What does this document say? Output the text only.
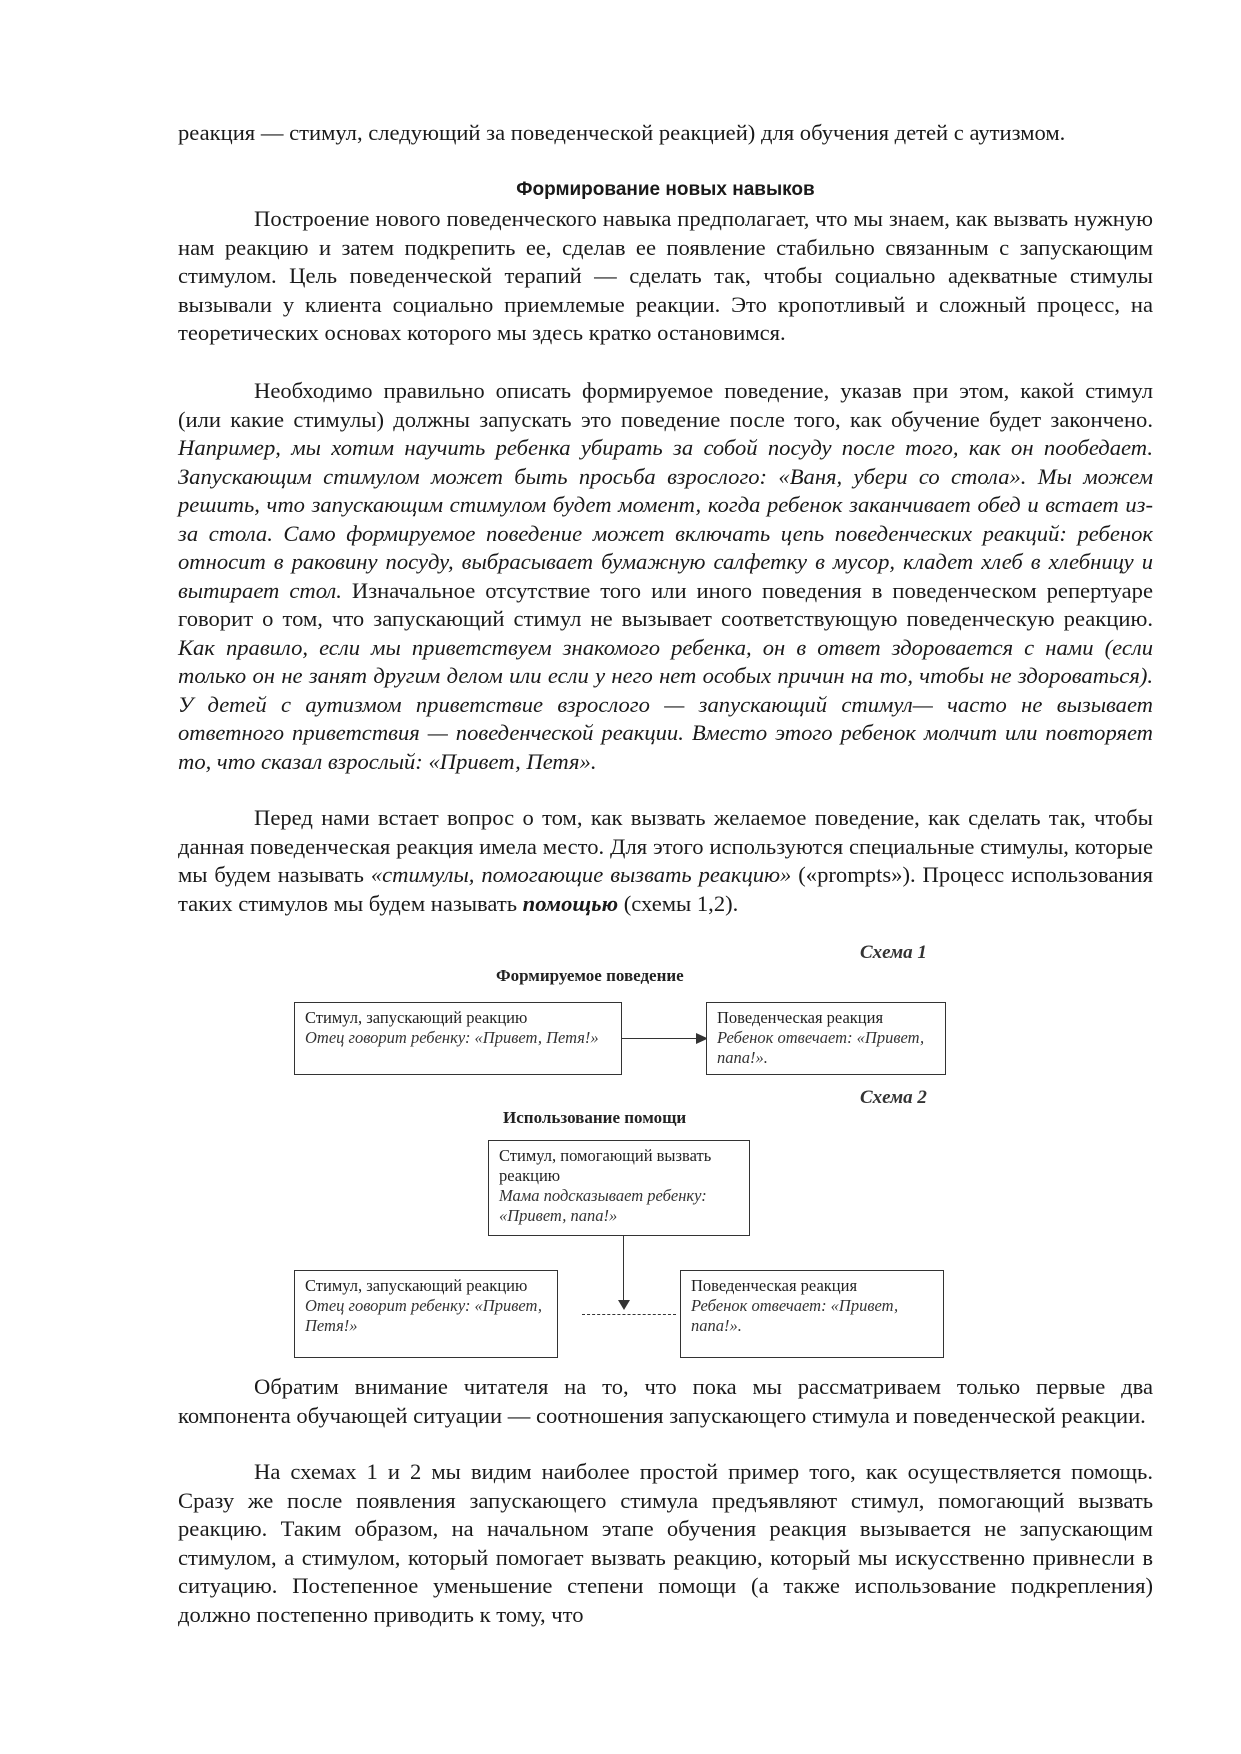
реакция — стимул, следующий за поведенческой реакцией) для обучения детей с аутизмом.
Формирование новых навыков
Построение нового поведенческого навыка предполагает, что мы знаем, как вызвать нужную нам реакцию и затем подкрепить ее, сделав ее появление стабильно связанным с запускающим стимулом. Цель поведенческой терапий — сделать так, чтобы социально адекватные стимулы вызывали у клиента социально приемлемые реакции. Это кропотливый и сложный процесс, на теоретических основах которого мы здесь кратко остановимся.
Необходимо правильно описать формируемое поведение, указав при этом, какой стимул (или какие стимулы) должны запускать это поведение после того, как обучение будет закончено. Например, мы хотим научить ребенка убирать за собой посуду после того, как он пообедает. Запускающим стимулом может быть просьба взрослого: «Ваня, убери со стола». Мы можем решить, что запускающим стимулом будет момент, когда ребенок заканчивает обед и встает из-за стола. Само формируемое поведение может включать цепь поведенческих реакций: ребенок относит в раковину посуду, выбрасывает бумажную салфетку в мусор, кладет хлеб в хлебницу и вытирает стол. Изначальное отсутствие того или иного поведения в поведенческом репертуаре говорит о том, что запускающий стимул не вызывает соответствующую поведенческую реакцию. Как правило, если мы приветствуем знакомого ребенка, он в ответ здоровается с нами (если только он не занят другим делом или если у него нет особых причин на то, чтобы не здороваться). У детей с аутизмом приветствие взрослого — запускающий стимул— часто не вызывает ответного приветствия — поведенческой реакции. Вместо этого ребенок молчит или повторяет то, что сказал взрослый: «Привет, Петя».
Перед нами встает вопрос о том, как вызвать желаемое поведение, как сделать так, чтобы данная поведенческая реакция имела место. Для этого используются специальные стимулы, которые мы будем называть «стимулы, помогающие вызвать реакцию» («prompts»). Процесс использования таких стимулов мы будем называть помощью (схемы 1,2).
Схема 1
Формируемое поведение
Стимул, запускающий реакцию
Отец говорит ребенку: «Привет, Петя!»
Поведенческая реакция
Ребенок отвечает: «Привет, папа!».
Схема 2
Использование помощи
Стимул, помогающий вызвать реакцию
Мама подсказывает ребенку: «Привет, папа!»
Стимул, запускающий реакцию
Отец говорит ребенку: «Привет, Петя!»
Поведенческая реакция
Ребенок отвечает: «Привет, папа!».
Обратим внимание читателя на то, что пока мы рассматриваем только первые два компонента обучающей ситуации — соотношения запускающего стимула и поведенческой реакции.
На схемах 1 и 2 мы видим наиболее простой пример того, как осуществляется помощь. Сразу же после появления запускающего стимула предъявляют стимул, помогающий вызвать реакцию. Таким образом, на начальном этапе обучения реакция вызывается не запускающим стимулом, а стимулом, который помогает вызвать реакцию, который мы искусственно привнесли в ситуацию. Постепенное уменьшение степени помощи (а также использование подкрепления) должно постепенно приводить к тому, что
